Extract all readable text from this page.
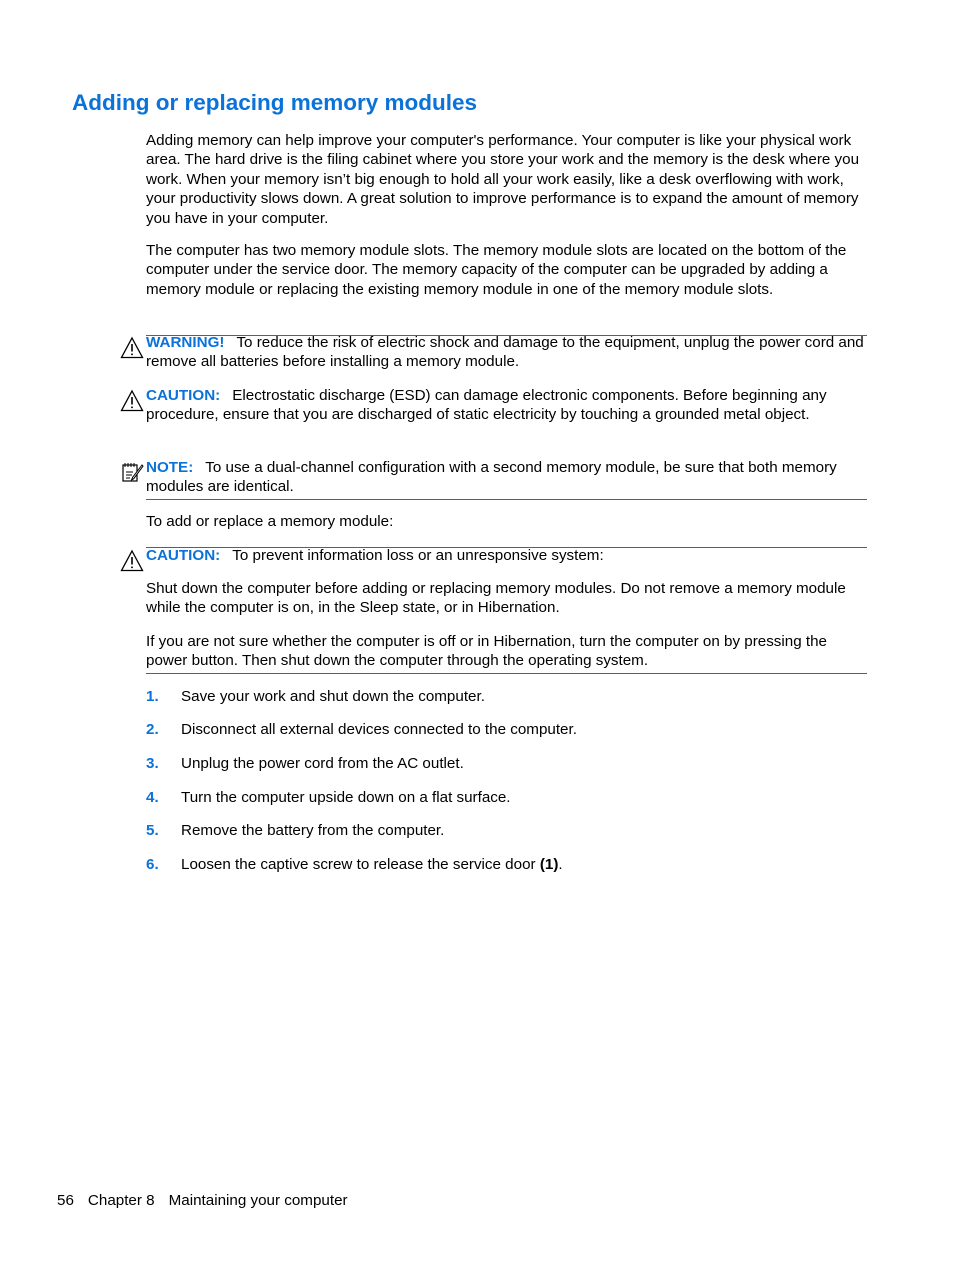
Adding or replacing memory modules

Adding memory can help improve your computer's performance. Your computer is like your physical work area. The hard drive is the filing cabinet where you store your work and the memory is the desk where you work. When your memory isn’t big enough to hold all your work easily, like a desk overflowing with work, your productivity slows down. A great solution to improve performance is to expand the amount of memory you have in your computer.

The computer has two memory module slots. The memory module slots are located on the bottom of the computer under the service door. The memory capacity of the computer can be upgraded by adding a memory module or replacing the existing memory module in one of the memory module slots.

WARNING! To reduce the risk of electric shock and damage to the equipment, unplug the power cord and remove all batteries before installing a memory module.

CAUTION: Electrostatic discharge (ESD) can damage electronic components. Before beginning any procedure, ensure that you are discharged of static electricity by touching a grounded metal object.

NOTE: To use a dual-channel configuration with a second memory module, be sure that both memory modules are identical.

To add or replace a memory module:

CAUTION: To prevent information loss or an unresponsive system:

Shut down the computer before adding or replacing memory modules. Do not remove a memory module while the computer is on, in the Sleep state, or in Hibernation.

If you are not sure whether the computer is off or in Hibernation, turn the computer on by pressing the power button. Then shut down the computer through the operating system.

1. Save your work and shut down the computer.
2. Disconnect all external devices connected to the computer.
3. Unplug the power cord from the AC outlet.
4. Turn the computer upside down on a flat surface.
5. Remove the battery from the computer.
6. Loosen the captive screw to release the service door (1).
56 Chapter 8 Maintaining your computer
